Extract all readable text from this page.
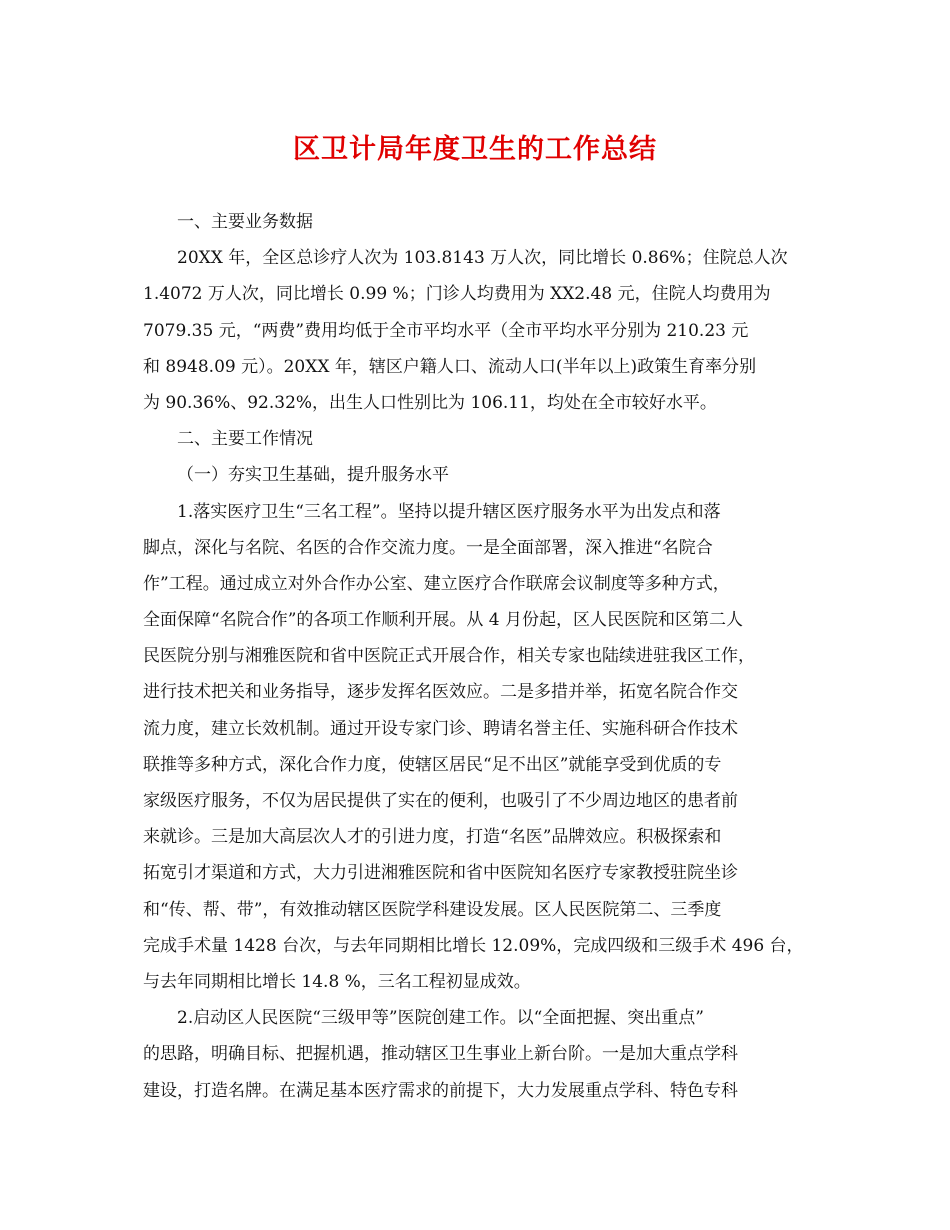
区卫计局年度卫生的工作总结
一、主要业务数据
20XX 年，全区总诊疗人次为 103.8143 万人次，同比增长 0.86%；住院总人次
1.4072 万人次，同比增长 0.99 %；门诊人均费用为 XX2.48 元，住院人均费用为
7079.35 元，“两费”费用均低于全市平均水平（全市平均水平分别为 210.23 元
和 8948.09 元）。20XX 年，辖区户籍人口、流动人口(半年以上)政策生育率分别
为 90.36%、92.32%，出生人口性别比为 106.11，均处在全市较好水平。
二、主要工作情况
（一）夯实卫生基础，提升服务水平
1.落实医疗卫生“三名工程”。坚持以提升辖区医疗服务水平为出发点和落
脚点，深化与名院、名医的合作交流力度。一是全面部署，深入推进“名院合
作”工程。通过成立对外合作办公室、建立医疗合作联席会议制度等多种方式，
全面保障“名院合作”的各项工作顺利开展。从 4 月份起，区人民医院和区第二人
民医院分别与湘雅医院和省中医院正式开展合作，相关专家也陆续进驻我区工作，
进行技术把关和业务指导，逐步发挥名医效应。二是多措并举，拓宽名院合作交
流力度，建立长效机制。通过开设专家门诊、聘请名誉主任、实施科研合作技术
联推等多种方式，深化合作力度，使辖区居民“足不出区”就能享受到优质的专
家级医疗服务，不仅为居民提供了实在的便利，也吸引了不少周边地区的患者前
来就诊。三是加大高层次人才的引进力度，打造“名医”品牌效应。积极探索和
拓宽引才渠道和方式，大力引进湘雅医院和省中医院知名医疗专家教授驻院坐诊
和“传、帮、带”，有效推动辖区医院学科建设发展。区人民医院第二、三季度
完成手术量 1428 台次，与去年同期相比增长 12.09%，完成四级和三级手术 496 台，
与去年同期相比增长 14.8 %，三名工程初显成效。
2.启动区人民医院“三级甲等”医院创建工作。以“全面把握、突出重点”
的思路，明确目标、把握机遇，推动辖区卫生事业上新台阶。一是加大重点学科
建设，打造名牌。在满足基本医疗需求的前提下，大力发展重点学科、特色专科
